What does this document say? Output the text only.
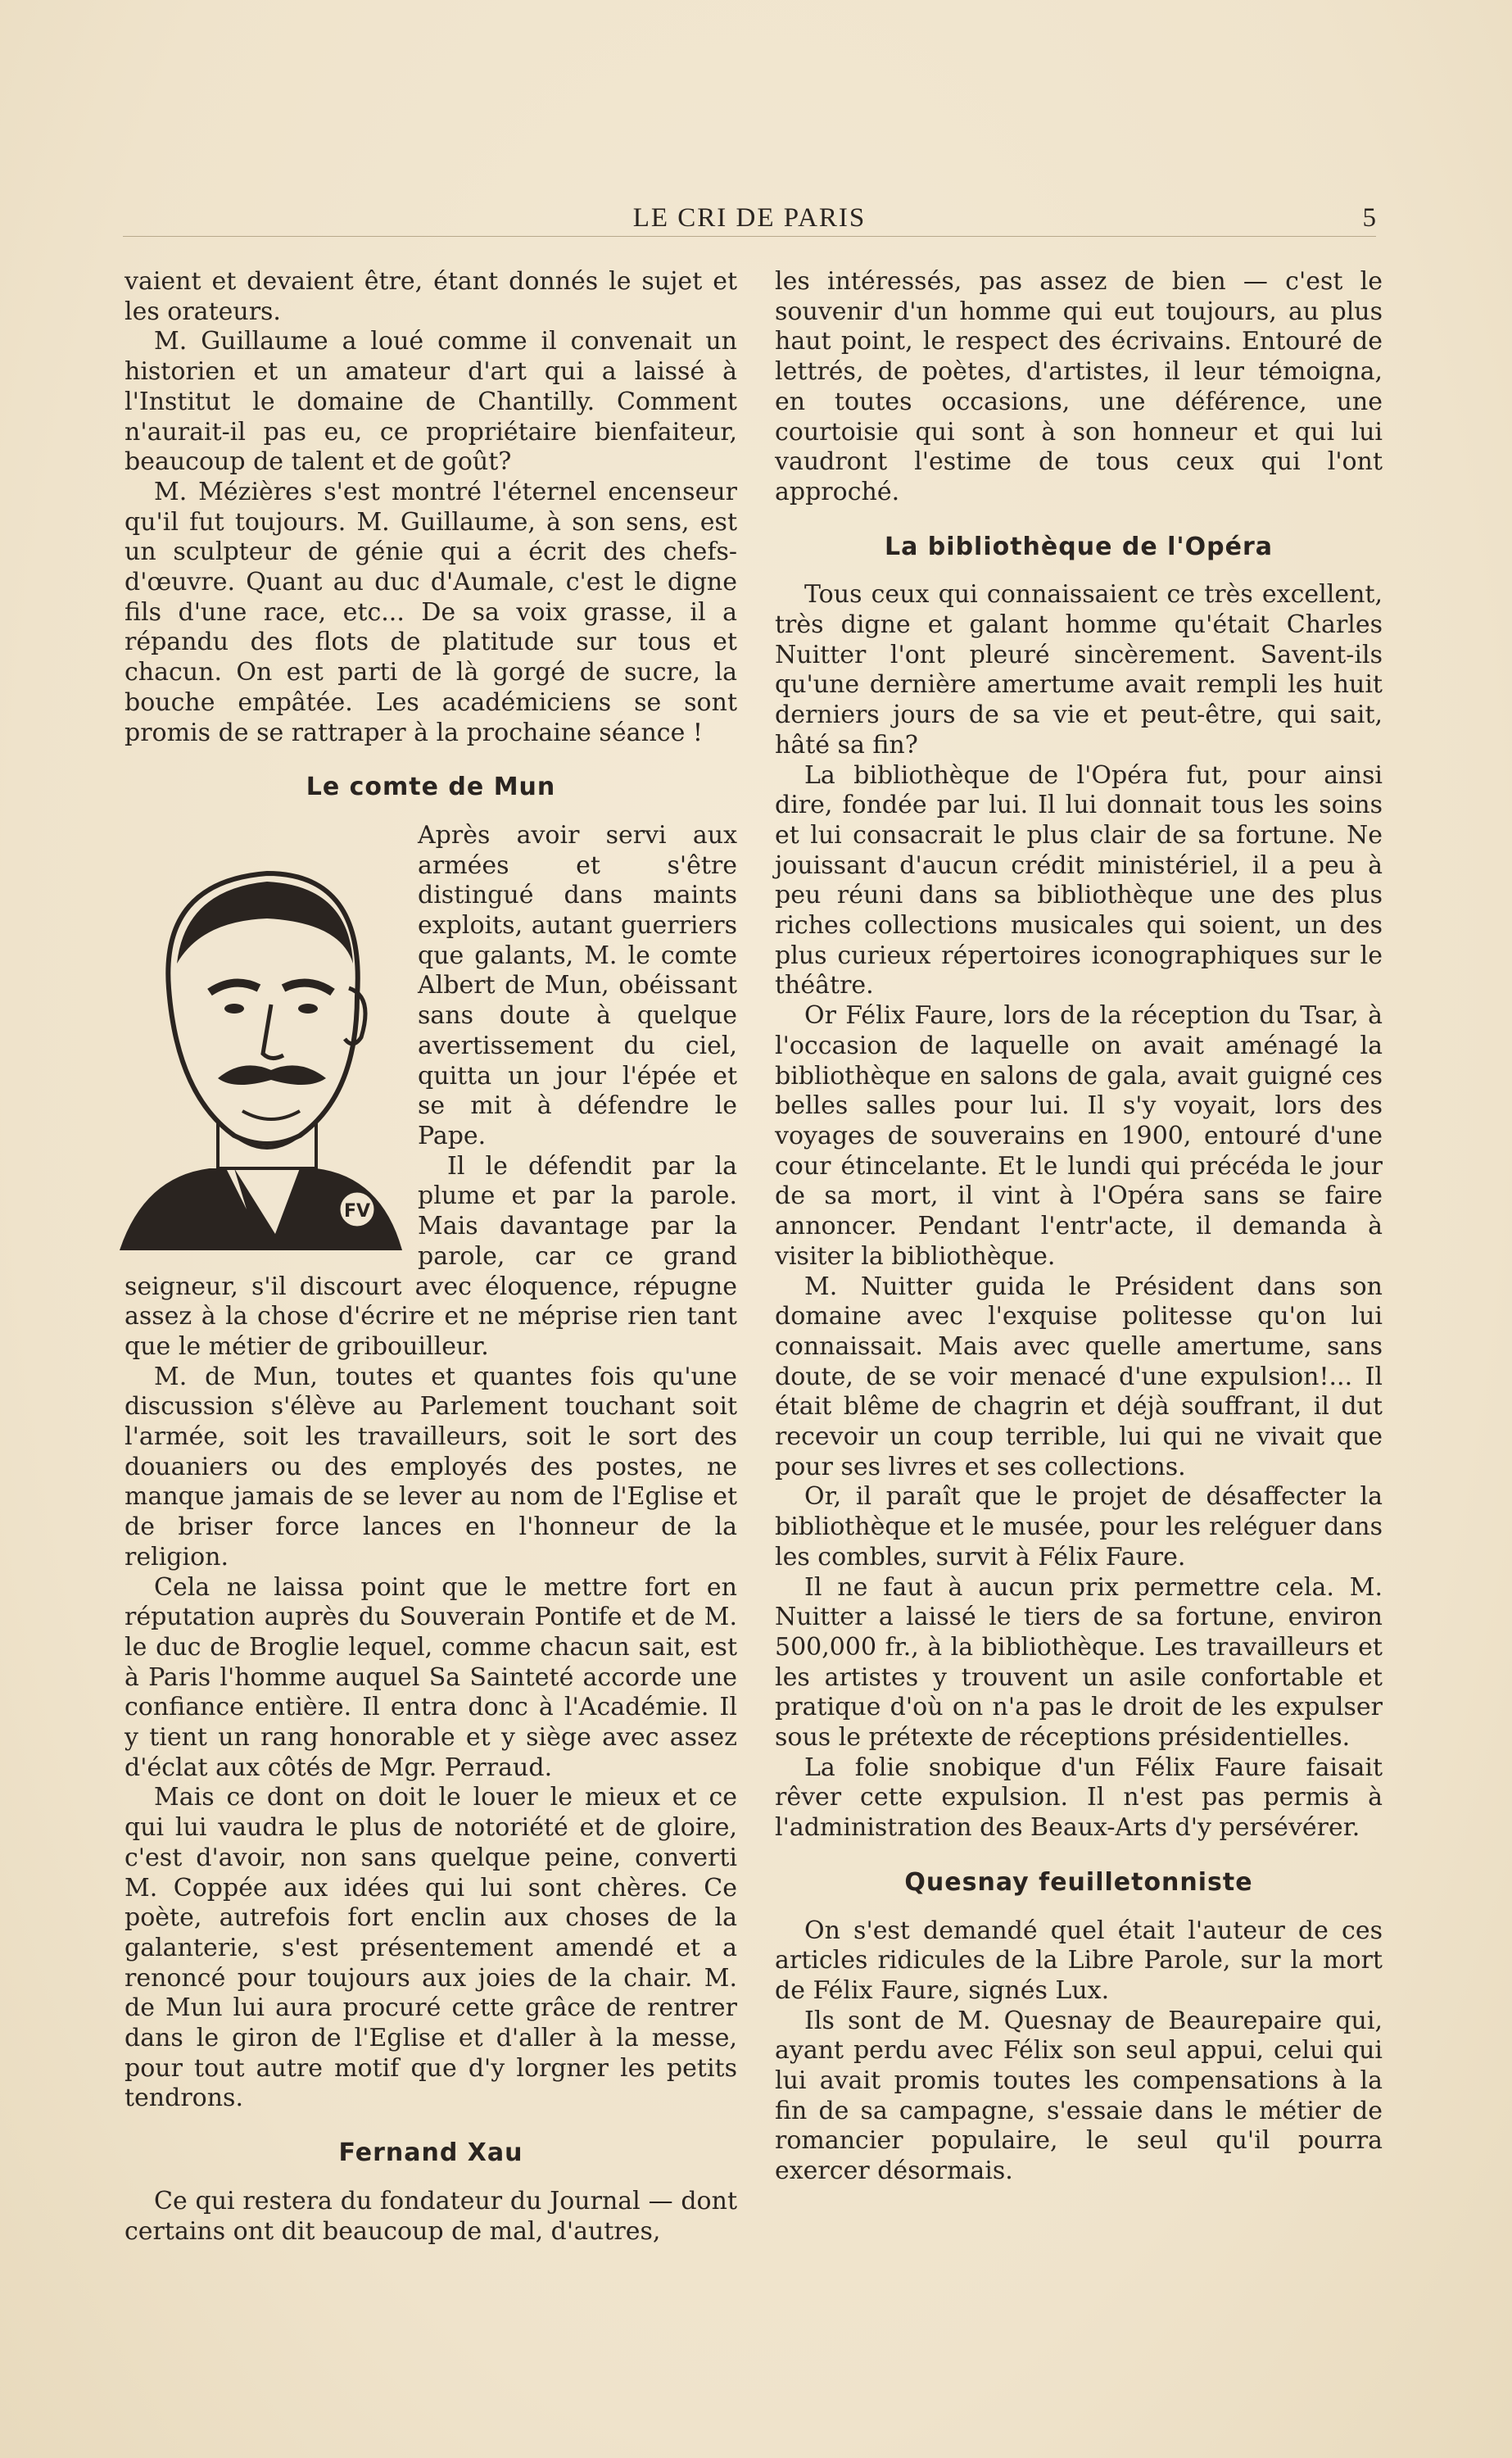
LE CRI DE PARIS	5

vaient et devaient être, étant donnés le sujet et les orateurs.

M. Guillaume a loué comme il convenait un historien et un amateur d'art qui a laissé à l'Institut le domaine de Chantilly. Comment n'aurait-il pas eu, ce propriétaire bienfaiteur, beaucoup de talent et de goût?

M. Mézières s'est montré l'éternel encenseur qu'il fut toujours. M. Guillaume, à son sens, est un sculpteur de génie qui a écrit des chefs-d'œuvre. Quant au duc d'Aumale, c'est le digne fils d'une race, etc... De sa voix grasse, il a répandu des flots de platitude sur tous et chacun. On est parti de là gorgé de sucre, la bouche empâtée. Les académiciens se sont promis de se rattraper à la prochaine séance !

Le comte de Mun
FV

Après avoir servi aux armées et s'être distingué dans maints exploits, autant guerriers que galants, M. le comte Albert de Mun, obéissant sans doute à quelque avertissement du ciel, quitta un jour l'épée et se mit à défendre le Pape.

Il le défendit par la plume et par la parole. Mais davantage par la parole, car ce grand seigneur, s'il discourt avec éloquence, répugne assez à la chose d'écrire et ne méprise rien tant que le métier de gribouilleur.

M. de Mun, toutes et quantes fois qu'une discussion s'élève au Parlement touchant soit l'armée, soit les travailleurs, soit le sort des douaniers ou des employés des postes, ne manque jamais de se lever au nom de l'Eglise et de briser force lances en l'honneur de la religion.

Cela ne laissa point que le mettre fort en réputation auprès du Souverain Pontife et de M. le duc de Broglie lequel, comme chacun sait, est à Paris l'homme auquel Sa Sainteté accorde une confiance entière. Il entra donc à l'Académie. Il y tient un rang honorable et y siège avec assez d'éclat aux côtés de Mgr. Perraud.

Mais ce dont on doit le louer le mieux et ce qui lui vaudra le plus de notoriété et de gloire, c'est d'avoir, non sans quelque peine, converti M. Coppée aux idées qui lui sont chères. Ce poète, autrefois fort enclin aux choses de la galanterie, s'est présentement amendé et a renoncé pour toujours aux joies de la chair. M. de Mun lui aura procuré cette grâce de rentrer dans le giron de l'Eglise et d'aller à la messe, pour tout autre motif que d'y lorgner les petits tendrons.

Fernand Xau

Ce qui restera du fondateur du Journal — dont certains ont dit beaucoup de mal, d'autres,

les intéressés, pas assez de bien — c'est le souvenir d'un homme qui eut toujours, au plus haut point, le respect des écrivains. Entouré de lettrés, de poètes, d'artistes, il leur témoigna, en toutes occasions, une déférence, une courtoisie qui sont à son honneur et qui lui vaudront l'estime de tous ceux qui l'ont approché.

La bibliothèque de l'Opéra

Tous ceux qui connaissaient ce très excellent, très digne et galant homme qu'était Charles Nuitter l'ont pleuré sincèrement. Savent-ils qu'une dernière amertume avait rempli les huit derniers jours de sa vie et peut-être, qui sait, hâté sa fin?

La bibliothèque de l'Opéra fut, pour ainsi dire, fondée par lui. Il lui donnait tous les soins et lui consacrait le plus clair de sa fortune. Ne jouissant d'aucun crédit ministériel, il a peu à peu réuni dans sa bibliothèque une des plus riches collections musicales qui soient, un des plus curieux répertoires iconographiques sur le théâtre.

Or Félix Faure, lors de la réception du Tsar, à l'occasion de laquelle on avait aménagé la bibliothèque en salons de gala, avait guigné ces belles salles pour lui. Il s'y voyait, lors des voyages de souverains en 1900, entouré d'une cour étincelante. Et le lundi qui précéda le jour de sa mort, il vint à l'Opéra sans se faire annoncer. Pendant l'entr'acte, il demanda à visiter la bibliothèque.

M. Nuitter guida le Président dans son domaine avec l'exquise politesse qu'on lui connaissait. Mais avec quelle amertume, sans doute, de se voir menacé d'une expulsion!... Il était blême de chagrin et déjà souffrant, il dut recevoir un coup terrible, lui qui ne vivait que pour ses livres et ses collections.

Or, il paraît que le projet de désaffecter la bibliothèque et le musée, pour les reléguer dans les combles, survit à Félix Faure.

Il ne faut à aucun prix permettre cela. M. Nuitter a laissé le tiers de sa fortune, environ 500,000 fr., à la bibliothèque. Les travailleurs et les artistes y trouvent un asile confortable et pratique d'où on n'a pas le droit de les expulser sous le prétexte de réceptions présidentielles.

La folie snobique d'un Félix Faure faisait rêver cette expulsion. Il n'est pas permis à l'administration des Beaux-Arts d'y persévérer.

Quesnay feuilletonniste

On s'est demandé quel était l'auteur de ces articles ridicules de la Libre Parole, sur la mort de Félix Faure, signés Lux.

Ils sont de M. Quesnay de Beaurepaire qui, ayant perdu avec Félix son seul appui, celui qui lui avait promis toutes les compensations à la fin de sa campagne, s'essaie dans le métier de romancier populaire, le seul qu'il pourra exercer désormais.
